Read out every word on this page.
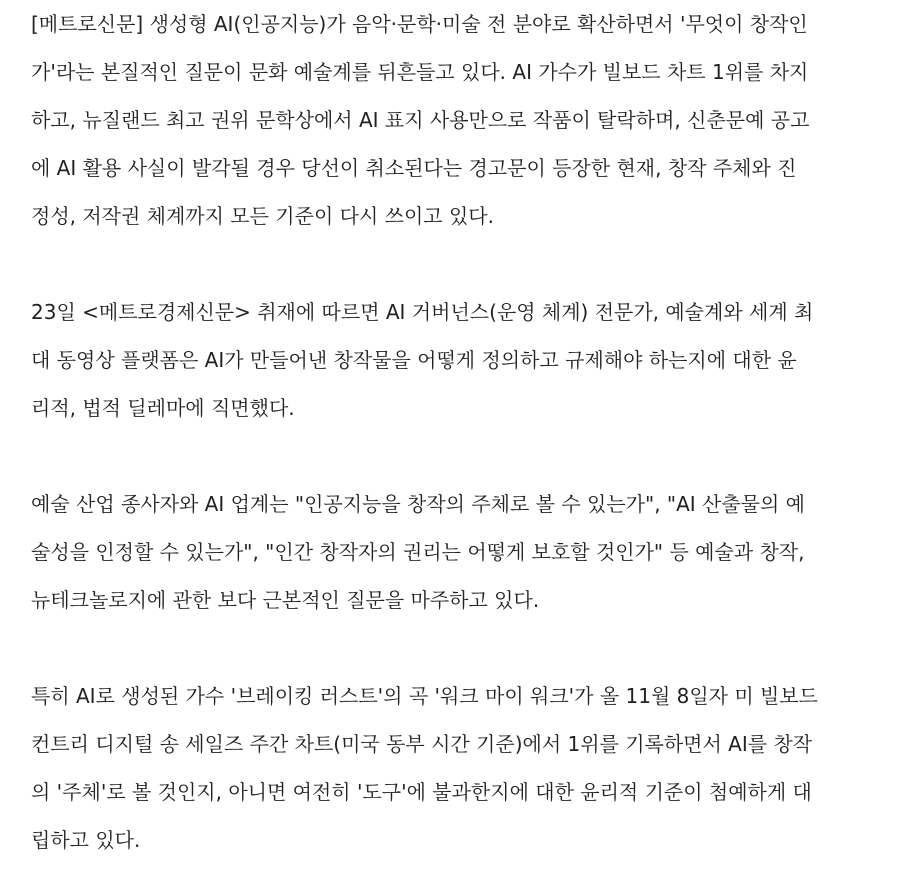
[메트로신문] 생성형 AI(인공지능)가 음악·문학·미술 전 분야로 확산하면서 '무엇이 창작인
가'라는 본질적인 질문이 문화 예술계를 뒤흔들고 있다. AI 가수가 빌보드 차트 1위를 차지
하고, 뉴질랜드 최고 권위 문학상에서 AI 표지 사용만으로 작품이 탈락하며, 신춘문예 공고
에 AI 활용 사실이 발각될 경우 당선이 취소된다는 경고문이 등장한 현재, 창작 주체와 진
정성, 저작권 체계까지 모든 기준이 다시 쓰이고 있다.
23일 <메트로경제신문> 취재에 따르면 AI 거버넌스(운영 체계) 전문가, 예술계와 세계 최
대 동영상 플랫폼은 AI가 만들어낸 창작물을 어떻게 정의하고 규제해야 하는지에 대한 윤
리적, 법적 딜레마에 직면했다.
예술 산업 종사자와 AI 업계는 "인공지능을 창작의 주체로 볼 수 있는가", "AI 산출물의 예
술성을 인정할 수 있는가", "인간 창작자의 권리는 어떻게 보호할 것인가" 등 예술과 창작,
뉴테크놀로지에 관한 보다 근본적인 질문을 마주하고 있다.
특히 AI로 생성된 가수 '브레이킹 러스트'의 곡 '워크 마이 워크'가 올 11월 8일자 미 빌보드
컨트리 디지털 송 세일즈 주간 차트(미국 동부 시간 기준)에서 1위를 기록하면서 AI를 창작
의 '주체'로 볼 것인지, 아니면 여전히 '도구'에 불과한지에 대한 윤리적 기준이 첨예하게 대
립하고 있다.
